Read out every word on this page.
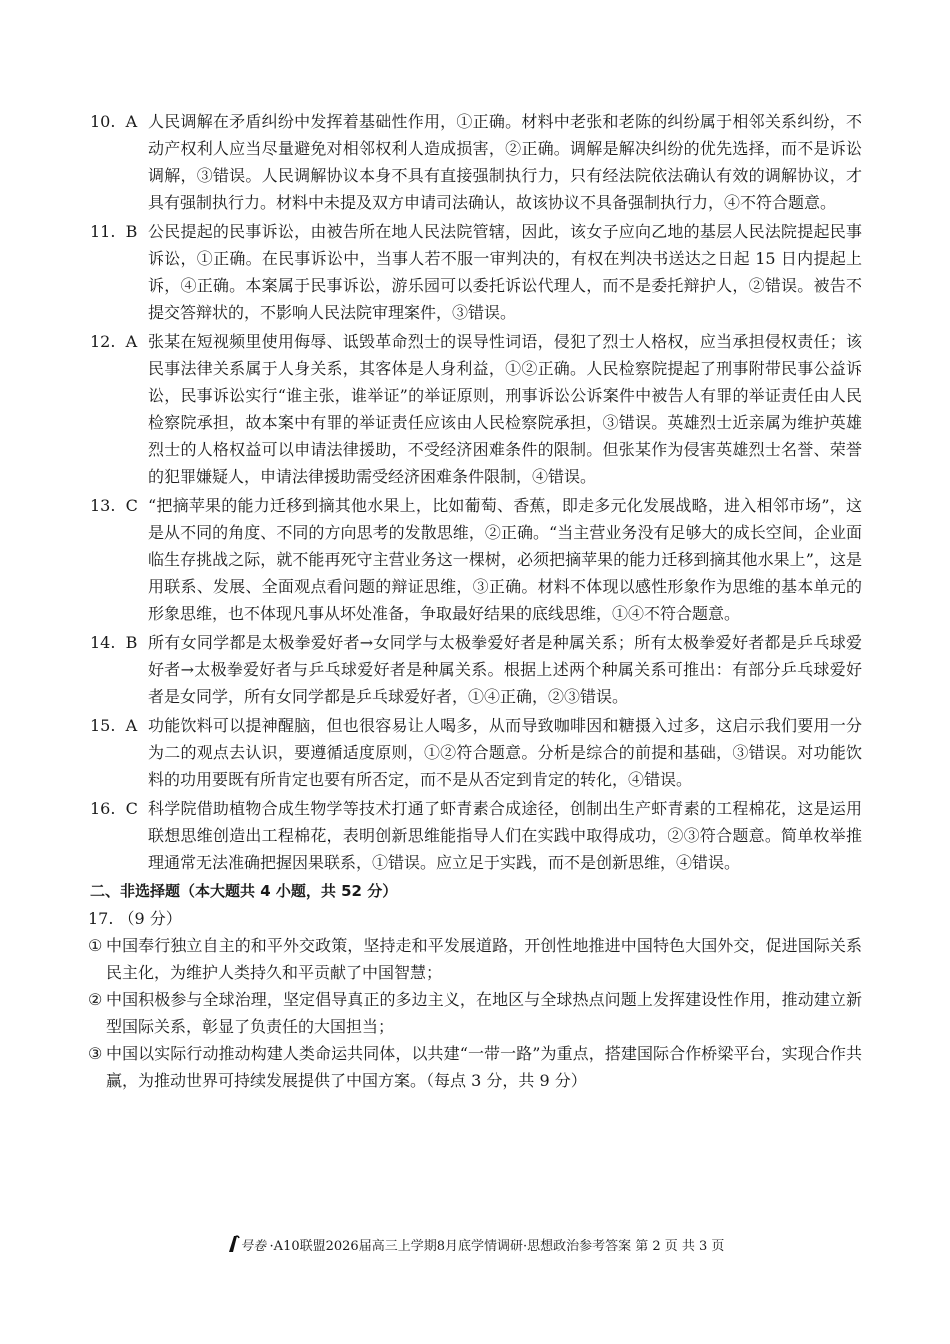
10. A 人民调解在矛盾纠纷中发挥着基础性作用，①正确。材料中老张和老陈的纠纷属于相邻关系纠纷，不动产权利人应当尽量避免对相邻权利人造成损害，②正确。调解是解决纠纷的优先选择，而不是诉讼调解，③错误。人民调解协议本身不具有直接强制执行力，只有经法院依法确认有效的调解协议，才具有强制执行力。材料中未提及双方申请司法确认，故该协议不具备强制执行力，④不符合题意。
11. B 公民提起的民事诉讼，由被告所在地人民法院管辖，因此，该女子应向乙地的基层人民法院提起民事诉讼，①正确。在民事诉讼中，当事人若不服一审判决的，有权在判决书送达之日起 15 日内提起上诉，④正确。本案属于民事诉讼，游乐园可以委托诉讼代理人，而不是委托辩护人，②错误。被告不提交答辩状的，不影响人民法院审理案件，③错误。
12. A 张某在短视频里使用侮辱、诋毁革命烈士的误导性词语，侵犯了烈士人格权，应当承担侵权责任；该民事法律关系属于人身关系，其客体是人身利益，①②正确。人民检察院提起了刑事附带民事公益诉讼，民事诉讼实行“谁主张，谁举证”的举证原则，刑事诉讼公诉案件中被告人有罪的举证责任由人民检察院承担，故本案中有罪的举证责任应该由人民检察院承担，③错误。英雄烈士近亲属为维护英雄烈士的人格权益可以申请法律援助，不受经济困难条件的限制。但张某作为侵害英雄烈士名誉、荣誉的犯罪嫌疑人，申请法律援助需受经济困难条件限制，④错误。
13. C “把摘苹果的能力迁移到摘其他水果上，比如葡萄、香蕉，即走多元化发展战略，进入相邻市场”，这是从不同的角度、不同的方向思考的发散思维，②正确。“当主营业务没有足够大的成长空间，企业面临生存挑战之际，就不能再死守主营业务这一棵树，必须把摘苹果的能力迁移到摘其他水果上”，这是用联系、发展、全面观点看问题的辩证思维，③正确。材料不体现以感性形象作为思维的基本单元的形象思维，也不体现凡事从坏处准备，争取最好结果的底线思维，①④不符合题意。
14. B 所有女同学都是太极拳爱好者→女同学与太极拳爱好者是种属关系；所有太极拳爱好者都是乒乓球爱好者→太极拳爱好者与乒乓球爱好者是种属关系。根据上述两个种属关系可推出：有部分乒乓球爱好者是女同学，所有女同学都是乒乓球爱好者，①④正确，②③错误。
15. A 功能饮料可以提神醒脑，但也很容易让人喝多，从而导致咖啡因和糖摄入过多，这启示我们要用一分为二的观点去认识，要遵循适度原则，①②符合题意。分析是综合的前提和基础，③错误。对功能饮料的功用要既有所肯定也要有所否定，而不是从否定到肯定的转化，④错误。
16. C 科学院借助植物合成生物学等技术打通了虾青素合成途径，创制出生产虾青素的工程棉花，这是运用联想思维创造出工程棉花，表明创新思维能指导人们在实践中取得成功，②③符合题意。简单枚举推理通常无法准确把握因果联系，①错误。应立足于实践，而不是创新思维，④错误。
二、非选择题（本大题共 4 小题，共 52 分）
17. （9 分）
① 中国奉行独立自主的和平外交政策，坚持走和平发展道路，开创性地推进中国特色大国外交，促进国际关系民主化，为维护人类持久和平贡献了中国智慧；
② 中国积极参与全球治理，坚定倡导真正的多边主义，在地区与全球热点问题上发挥建设性作用，推动建立新型国际关系，彰显了负责任的大国担当；
③ 中国以实际行动推动构建人类命运共同体，以共建“一带一路”为重点，搭建国际合作桥梁平台，实现合作共赢，为推动世界可持续发展提供了中国方案。（每点 3 分，共 9 分）
号卷 ·A10联盟2026届高三上学期8月底学情调研·思想政治参考答案 第 2 页 共 3 页
